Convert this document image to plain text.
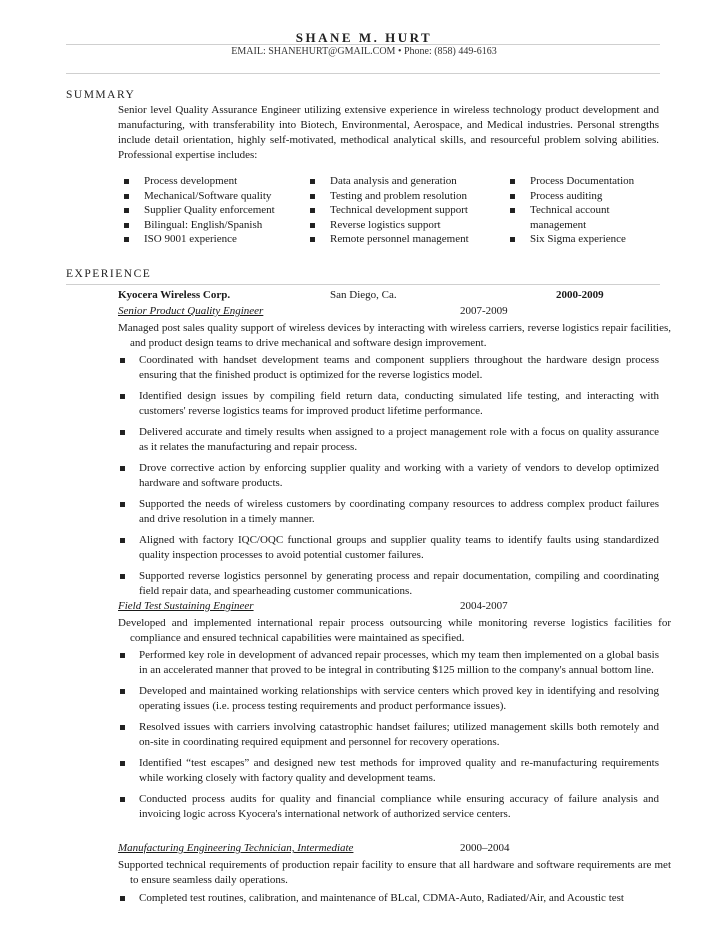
SHANE M. HURT
EMAIL: SHANEHURT@GMAIL.COM • Phone: (858) 449-6163
SUMMARY

Senior level Quality Assurance Engineer utilizing extensive experience in wireless technology product development and manufacturing, with transferability into Biotech, Environmental, Aerospace, and Medical industries. Personal strengths include detail orientation, highly self-motivated, methodical analytical skills, and resourceful problem solving abilities. Professional expertise includes:

Process development
Mechanical/Software quality
Supplier Quality enforcement
Bilingual: English/Spanish
ISO 9001 experience
Data analysis and generation
Testing and problem resolution
Technical development support
Reverse logistics support
Remote personnel management
Process Documentation
Process auditing
Technical account management
Six Sigma experience
EXPERIENCE
Kyocera Wireless Corp.	San Diego, Ca.	2000-2009
Senior Product Quality Engineer	2007-2009

Managed post sales quality support of wireless devices by interacting with wireless carriers, reverse logistics repair facilities, and product design teams to drive mechanical and software design improvement.

Coordinated with handset development teams and component suppliers throughout the hardware design process ensuring that the finished product is optimized for the reverse logistics model.
Identified design issues by compiling field return data, conducting simulated life testing, and interacting with customers' reverse logistics teams for improved product lifetime performance.
Delivered accurate and timely results when assigned to a project management role with a focus on quality assurance as it relates the manufacturing and repair process.
Drove corrective action by enforcing supplier quality and working with a variety of vendors to develop optimized hardware and software products.
Supported the needs of wireless customers by coordinating company resources to address complex product failures and drive resolution in a timely manner.
Aligned with factory IQC/OQC functional groups and supplier quality teams to identify faults using standardized quality inspection processes to avoid potential customer failures.
Supported reverse logistics personnel by generating process and repair documentation, compiling and coordinating field repair data, and spearheading customer communications.
Field Test Sustaining Engineer	2004-2007

Developed and implemented international repair process outsourcing while monitoring reverse logistics facilities for compliance and ensured technical capabilities were maintained as specified.

Performed key role in development of advanced repair processes, which my team then implemented on a global basis in an accelerated manner that proved to be integral in contributing $125 million to the company's annual bottom line.
Developed and maintained working relationships with service centers which proved key in identifying and resolving operating issues (i.e. process testing requirements and product performance issues).
Resolved issues with carriers involving catastrophic handset failures; utilized management skills both remotely and on-site in coordinating required equipment and personnel for recovery operations.
Identified “test escapes” and designed new test methods for improved quality and re-manufacturing requirements while working closely with factory quality and development teams.
Conducted process audits for quality and financial compliance while ensuring accuracy of failure analysis and invoicing logic across Kyocera's international network of authorized service centers.
Manufacturing Engineering Technician, Intermediate	2000–2004

Supported technical requirements of production repair facility to ensure that all hardware and software requirements are met to ensure seamless daily operations.

Completed test routines, calibration, and maintenance of BLcal, CDMA-Auto, Radiated/Air, and Acoustic test
